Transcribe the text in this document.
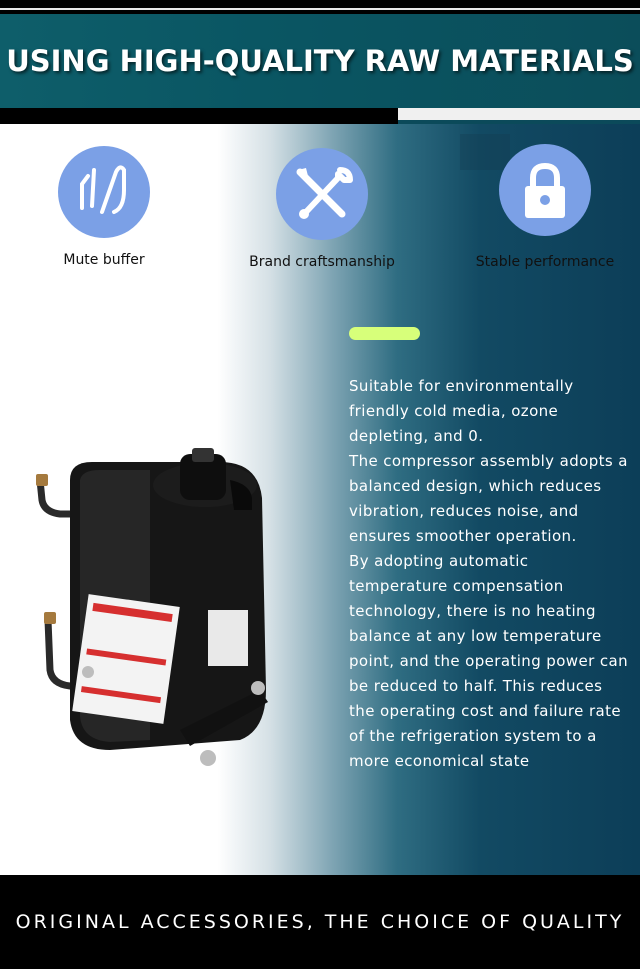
USING HIGH-QUALITY RAW MATERIALS
Mute buffer	Brand craftsmanship	Stable performance

Suitable for environmentally friendly cold media, ozone depleting, and 0.

The compressor assembly adopts a balanced design, which reduces vibration, reduces noise, and ensures smoother operation.

By adopting automatic temperature compensation technology, there is no heating balance at any low temperature point, and the operating power can be reduced to half. This reduces the operating cost and failure rate of the refrigeration system to a more economical state

ORIGINAL ACCESSORIES, THE CHOICE OF QUALITY
